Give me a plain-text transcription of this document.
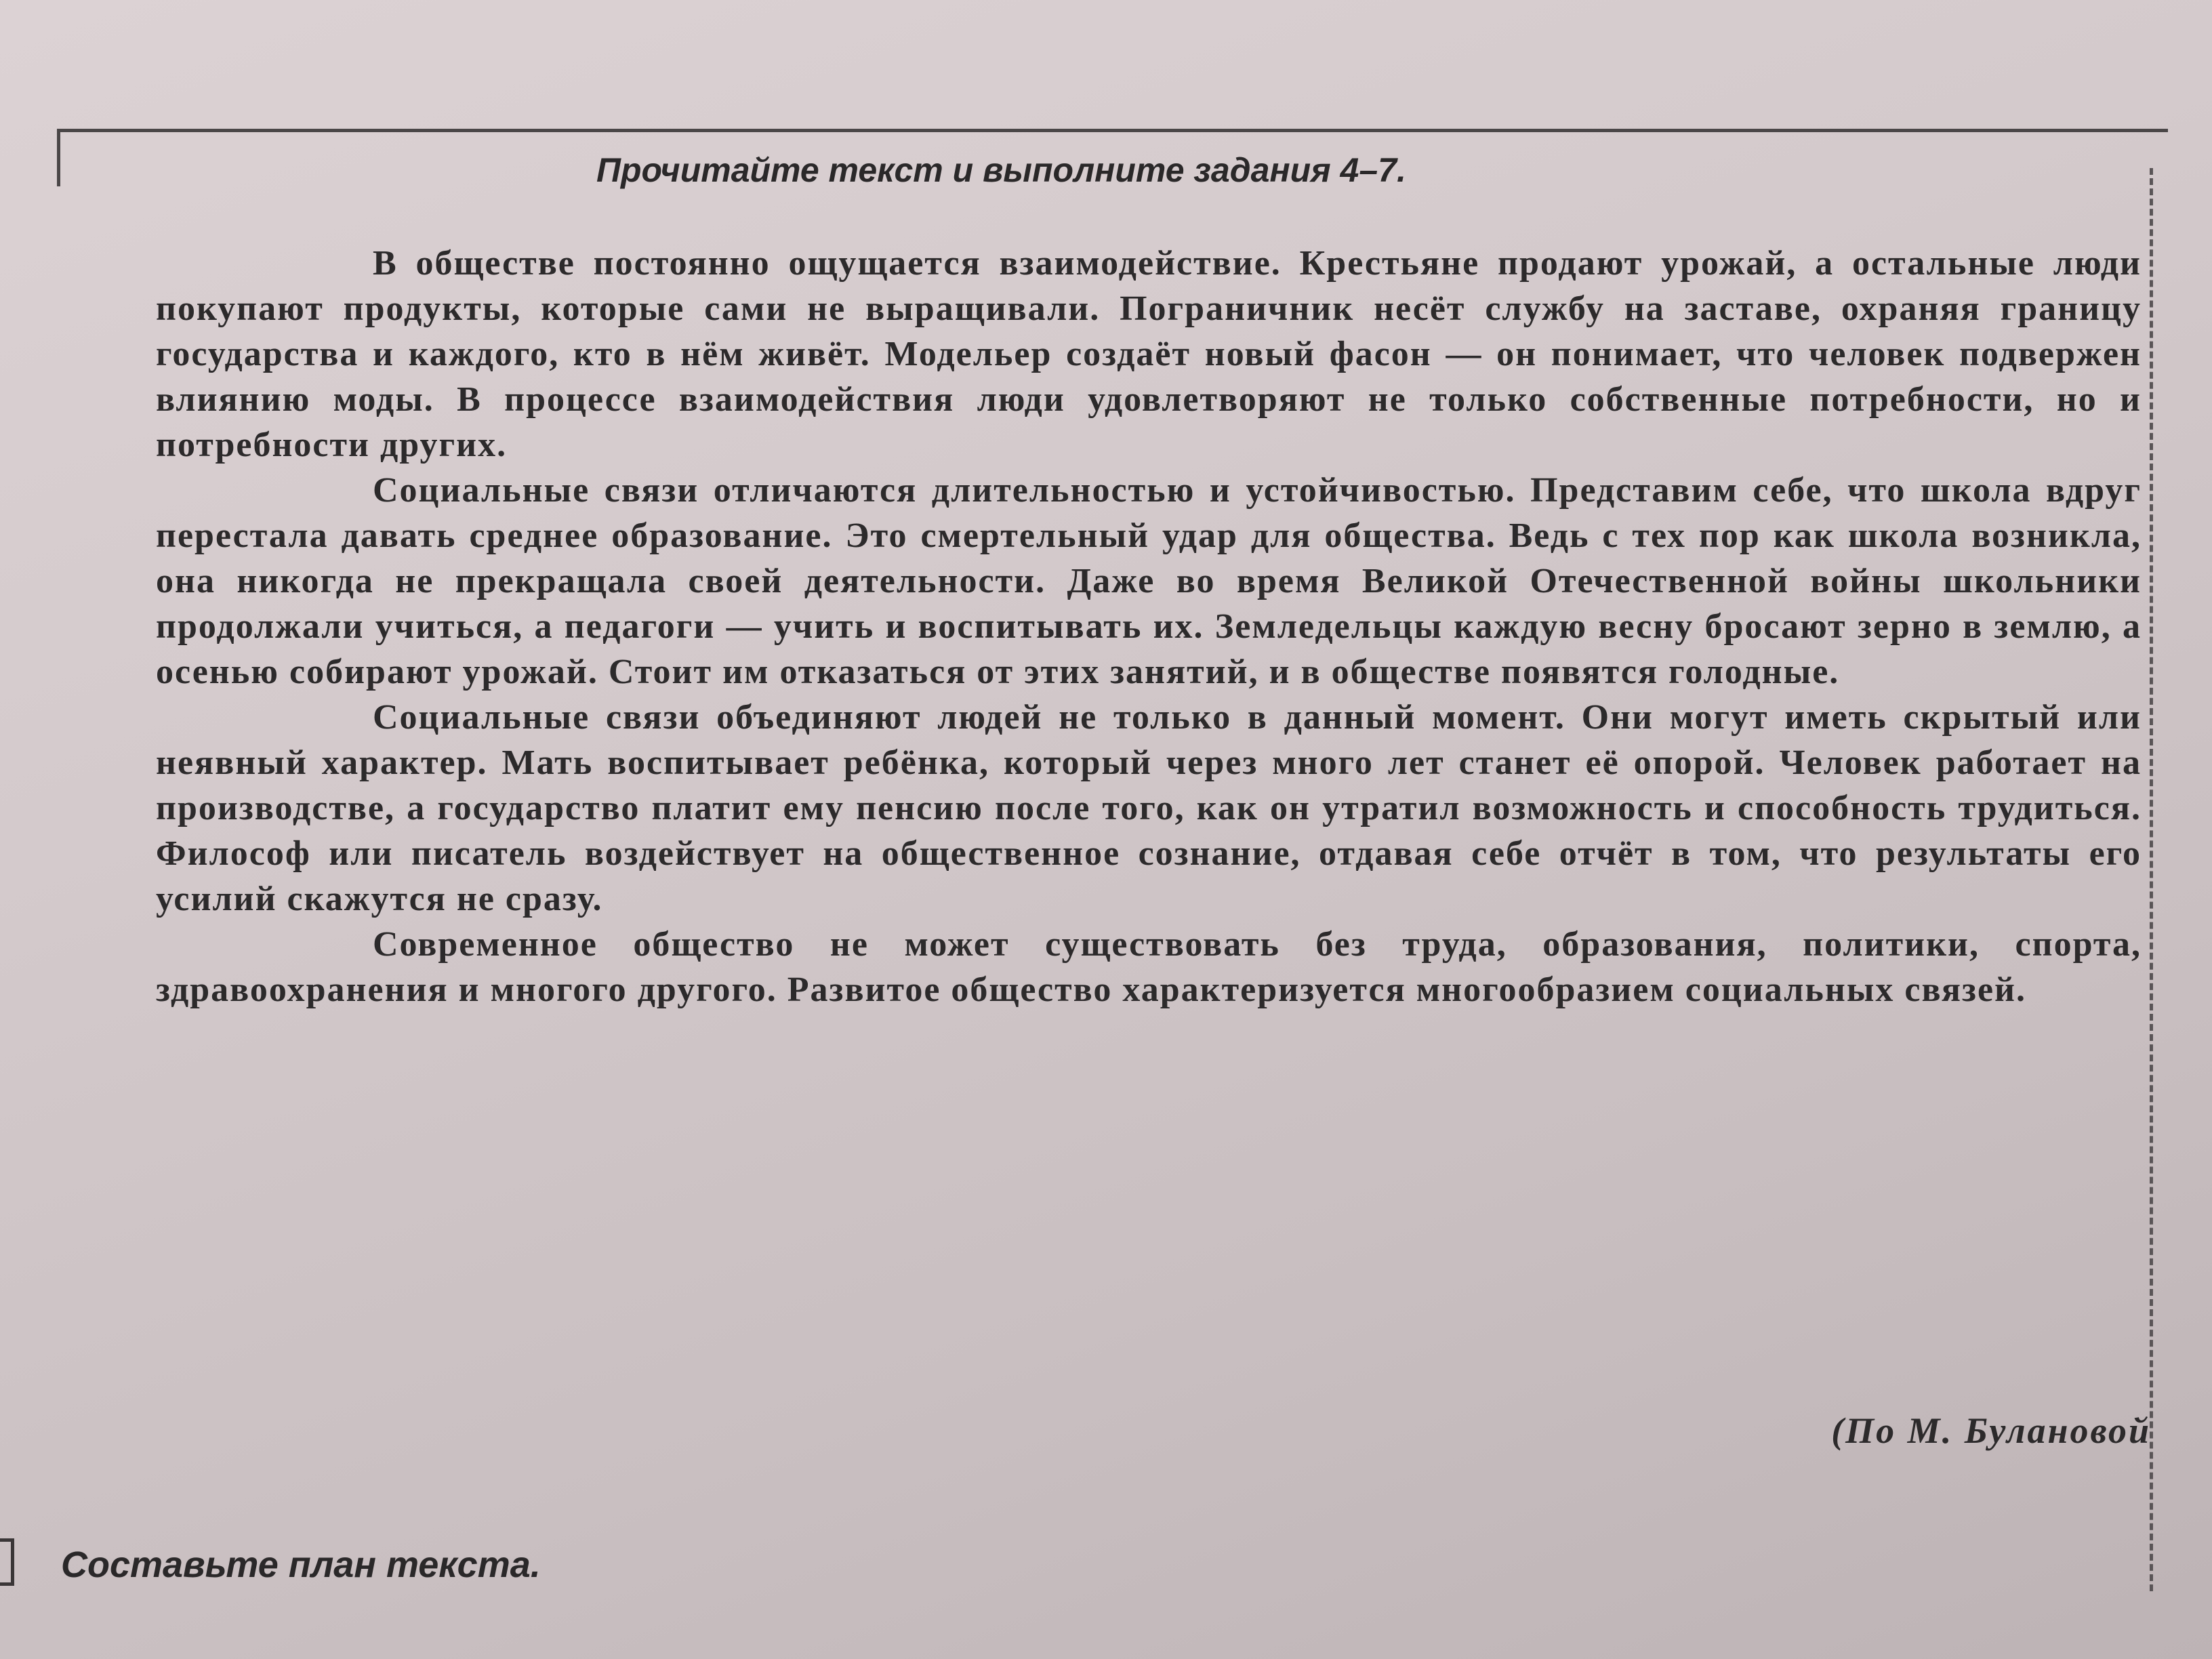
Прочитайте текст и выполните задания 4–7.

В обществе постоянно ощущается взаимодействие. Крестьяне продают урожай, а остальные люди покупают продукты, которые сами не выращивали. Пограничник несёт службу на заставе, охраняя границу государства и каждого, кто в нём живёт. Модельер создаёт новый фасон — он понимает, что человек подвержен влиянию моды. В процессе взаимодействия люди удовлетворяют не только собственные потребности, но и потребности других.

Социальные связи отличаются длительностью и устойчивостью. Представим себе, что школа вдруг перестала давать среднее образование. Это смертельный удар для общества. Ведь с тех пор как школа возникла, она никогда не прекращала своей деятельности. Даже во время Великой Отечественной войны школьники продолжали учиться, а педагоги — учить и воспитывать их. Земледельцы каждую весну бросают зерно в землю, а осенью собирают урожай. Стоит им отказаться от этих занятий, и в обществе появятся голодные.

Социальные связи объединяют людей не только в данный момент. Они могут иметь скрытый или неявный характер. Мать воспитывает ребёнка, который через много лет станет её опорой. Человек работает на производстве, а государство платит ему пенсию после того, как он утратил возможность и способность трудиться. Философ или писатель воздействует на общественное сознание, отдавая себе отчёт в том, что результаты его усилий скажутся не сразу.

Современное общество не может существовать без труда, образования, политики, спорта, здравоохранения и многого другого. Развитое общество характеризуется многообразием социальных связей.

(По М. Булановой
Составьте план текста.
